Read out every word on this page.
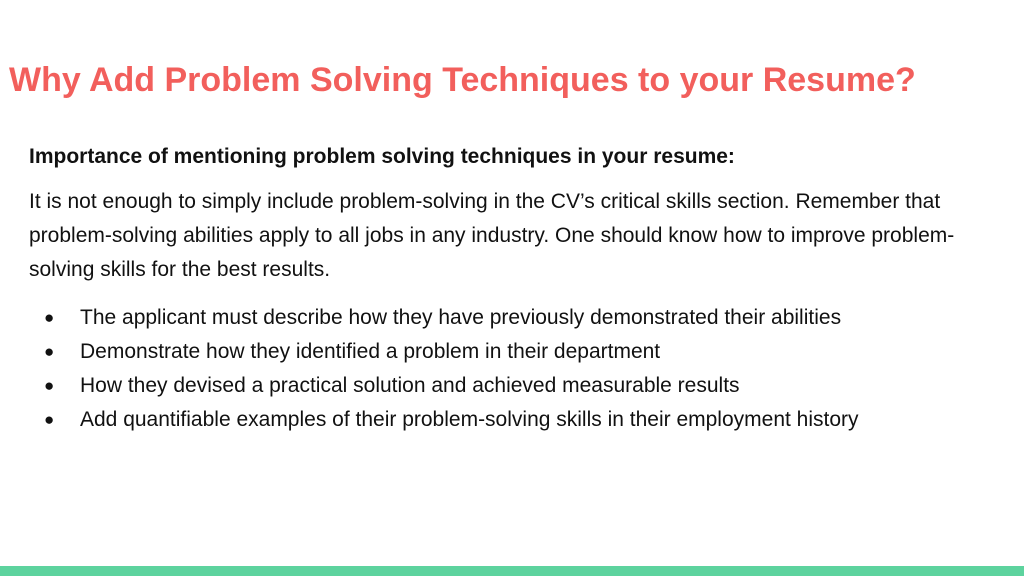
Why Add Problem Solving Techniques to your Resume?

Importance of mentioning problem solving techniques in your resume:

It is not enough to simply include problem-solving in the CV’s critical skills section. Remember that problem-solving abilities apply to all jobs in any industry. One should know how to improve problem-solving skills for the best results.

● The applicant must describe how they have previously demonstrated their abilities
● Demonstrate how they identified a problem in their department
● How they devised a practical solution and achieved measurable results
● Add quantifiable examples of their problem-solving skills in their employment history
